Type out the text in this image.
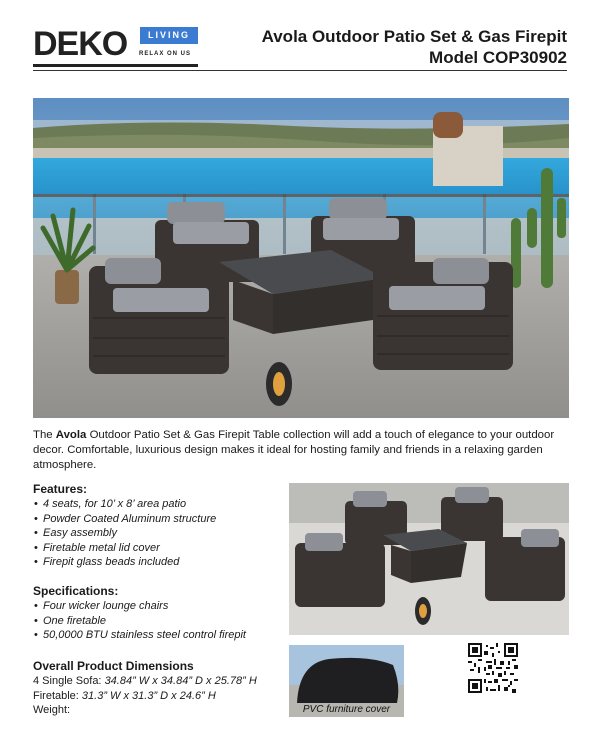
DEKO	LIVING
RELAX ON US
Avola Outdoor Patio Set & Gas Firepit
Model COP30902
The Avola Outdoor Patio Set & Gas Firepit Table collection will add a touch of elegance to your outdoor decor. Comfortable, luxurious design makes it ideal for hosting family and friends in a relaxing garden atmosphere.
Features:
• 4 seats, for 10’ x 8’ area patio
• Powder Coated Aluminum structure
• Easy assembly
• Firetable metal lid cover
• Firepit glass beads included
Specifications:
• Four wicker lounge chairs
• One firetable
• 50,0000 BTU stainless steel control firepit
Overall Product Dimensions
4 Single Sofa: 34.84” W x 34.84” D x 25.78” H
Firetable: 31.3” W x 31.3” D x 24.6” H
Weight:	PVC furniture cover
